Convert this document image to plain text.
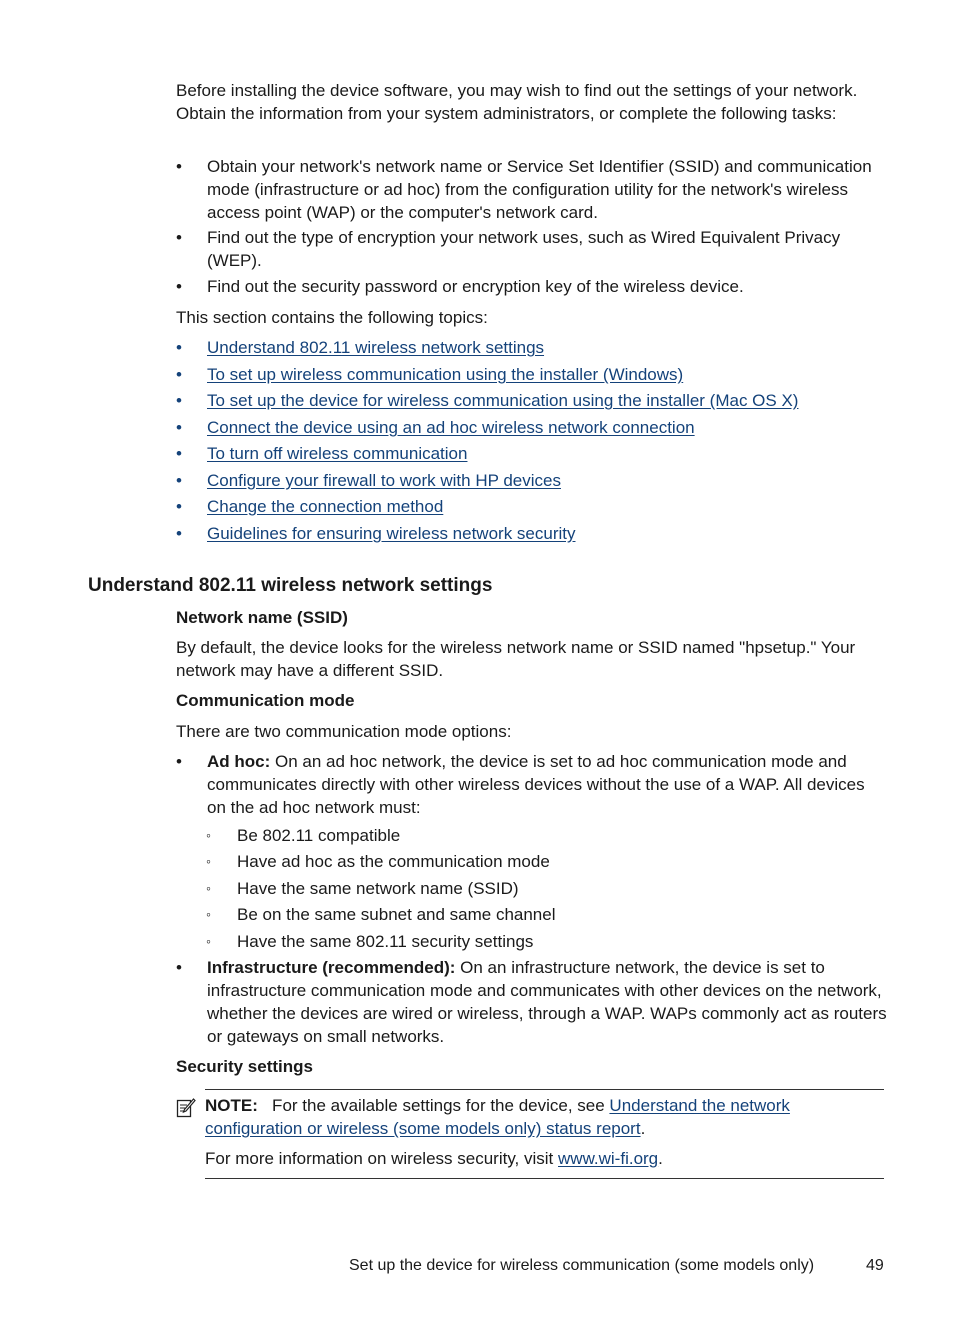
Before installing the device software, you may wish to find out the settings of your network. Obtain the information from your system administrators, or complete the following tasks:

•	Obtain your network's network name or Service Set Identifier (SSID) and communication mode (infrastructure or ad hoc) from the configuration utility for the network's wireless access point (WAP) or the computer's network card.
•	Find out the type of encryption your network uses, such as Wired Equivalent Privacy (WEP).
•	Find out the security password or encryption key of the wireless device.

This section contains the following topics:

•	Understand 802.11 wireless network settings
•	To set up wireless communication using the installer (Windows)
•	To set up the device for wireless communication using the installer (Mac OS X)
•	Connect the device using an ad hoc wireless network connection
•	To turn off wireless communication
•	Configure your firewall to work with HP devices
•	Change the connection method
•	Guidelines for ensuring wireless network security
Understand 802.11 wireless network settings
Network name (SSID)

By default, the device looks for the wireless network name or SSID named "hpsetup." Your network may have a different SSID.

Communication mode

There are two communication mode options:

•	Ad hoc: On an ad hoc network, the device is set to ad hoc communication mode and communicates directly with other wireless devices without the use of a WAP. All devices on the ad hoc network must:
◦ Be 802.11 compatible
◦ Have ad hoc as the communication mode
◦ Have the same network name (SSID)
◦ Be on the same subnet and same channel
◦ Have the same 802.11 security settings
•	Infrastructure (recommended): On an infrastructure network, the device is set to infrastructure communication mode and communicates with other devices on the network, whether the devices are wired or wireless, through a WAP. WAPs commonly act as routers or gateways on small networks.
Security settings

NOTE:   For the available settings for the device, see Understand the network configuration or wireless (some models only) status report.

For more information on wireless security, visit www.wi-fi.org.

Set up the device for wireless communication (some models only)	49
